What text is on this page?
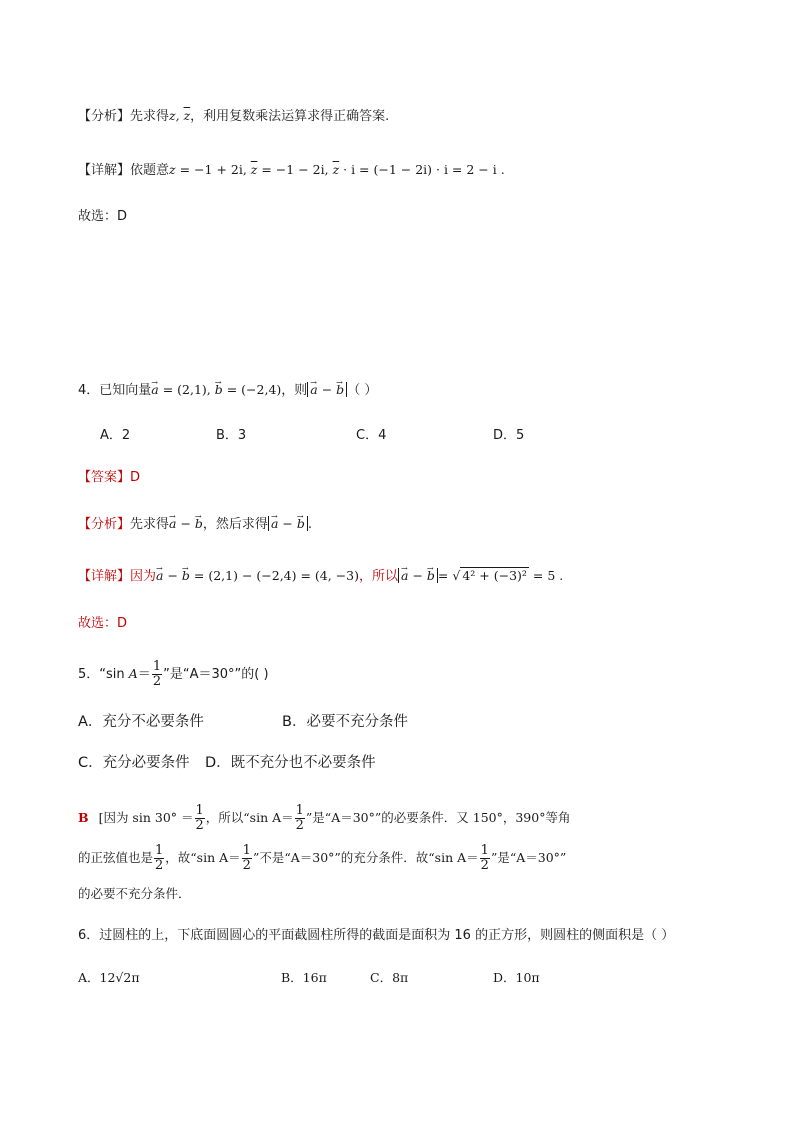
【分析】先求得z, $\overline{z}$，利用复数乘法运算求得正确答案.
【详解】依题意z = −1 + 2i, $\overline{z} = -1 - 2i$, $\overline{z} \cdot i = (-1 - 2i) \cdot i = 2 - i$ .
故选：D
4．已知向量→ a = (2,1), → b = (−2,4)，则 → a − → b （ ）
A．2	B．3	C．4	D．5
【答案】D
【分析】先求得→ a − → b，然后求得 → a − → b .
【详解】因为→ a − → b = (2,1) − (−2,4) = (4, −3)，所以 → a − → b = √ 4² + (−3)² = 5 .
故选：D
5．“sin $A= \frac{1}{2}$ ”是“A＝30°”的( )
A．充分不必要条件	B．必要不充分条件
C．充分必要条件 D．既不充分也不必要条件
B [因为 $\sin 30^\circ = \frac{1}{2}$ ，所以“sin $A= \frac{1}{2}$ ”是“A＝30°”的必要条件．又 150°，390°等角
的正弦值也是 $\frac{1}{2}$ ，故“sin $A= \frac{1}{2}$ ”不是“A＝30°”的充分条件．故“sin $A= \frac{1}{2}$ ”是“A＝30°”
的必要不充分条件．
6．过圆柱的上，下底面圆圆心的平面截圆柱所得的截面是面积为 16 的正方形，则圆柱的侧面积是（ ）
A．12√2π	B．16π	C．8π	D．10π
